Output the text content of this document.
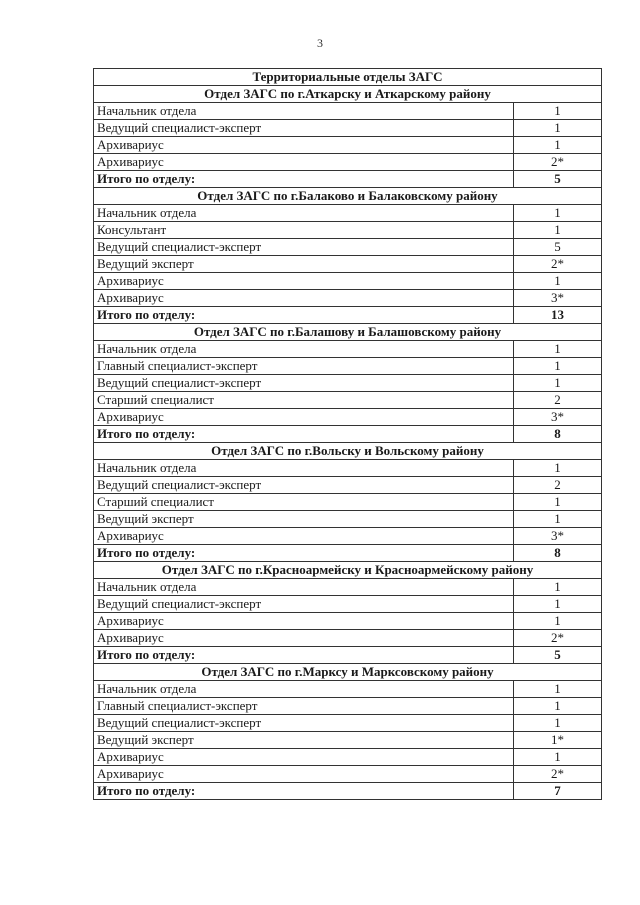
3
Территориальные отделы ЗАГС	
Отдел ЗАГС по г.Аткарску и Аткарскому району	
Начальник отдела	1
Ведущий специалист-эксперт	1
Архивариус	1
Архивариус	2*
Итого по отделу:	5
Отдел ЗАГС по г.Балаково и Балаковскому району	
Начальник отдела	1
Консультант	1
Ведущий специалист-эксперт	5
Ведущий эксперт	2*
Архивариус	1
Архивариус	3*
Итого по отделу:	13
Отдел ЗАГС по г.Балашову и Балашовскому району	
Начальник отдела	1
Главный специалист-эксперт	1
Ведущий специалист-эксперт	1
Старший специалист	2
Архивариус	3*
Итого по отделу:	8
Отдел ЗАГС по г.Вольску и Вольскому району	
Начальник отдела	1
Ведущий специалист-эксперт	2
Старший специалист	1
Ведущий эксперт	1
Архивариус	3*
Итого по отделу:	8
Отдел ЗАГС по г.Красноармейску и Красноармейскому району	
Начальник отдела	1
Ведущий специалист-эксперт	1
Архивариус	1
Архивариус	2*
Итого по отделу:	5
Отдел ЗАГС по г.Марксу и Марксовскому району	
Начальник отдела	1
Главный специалист-эксперт	1
Ведущий специалист-эксперт	1
Ведущий эксперт	1*
Архивариус	1
Архивариус	2*
Итого по отделу:	7
